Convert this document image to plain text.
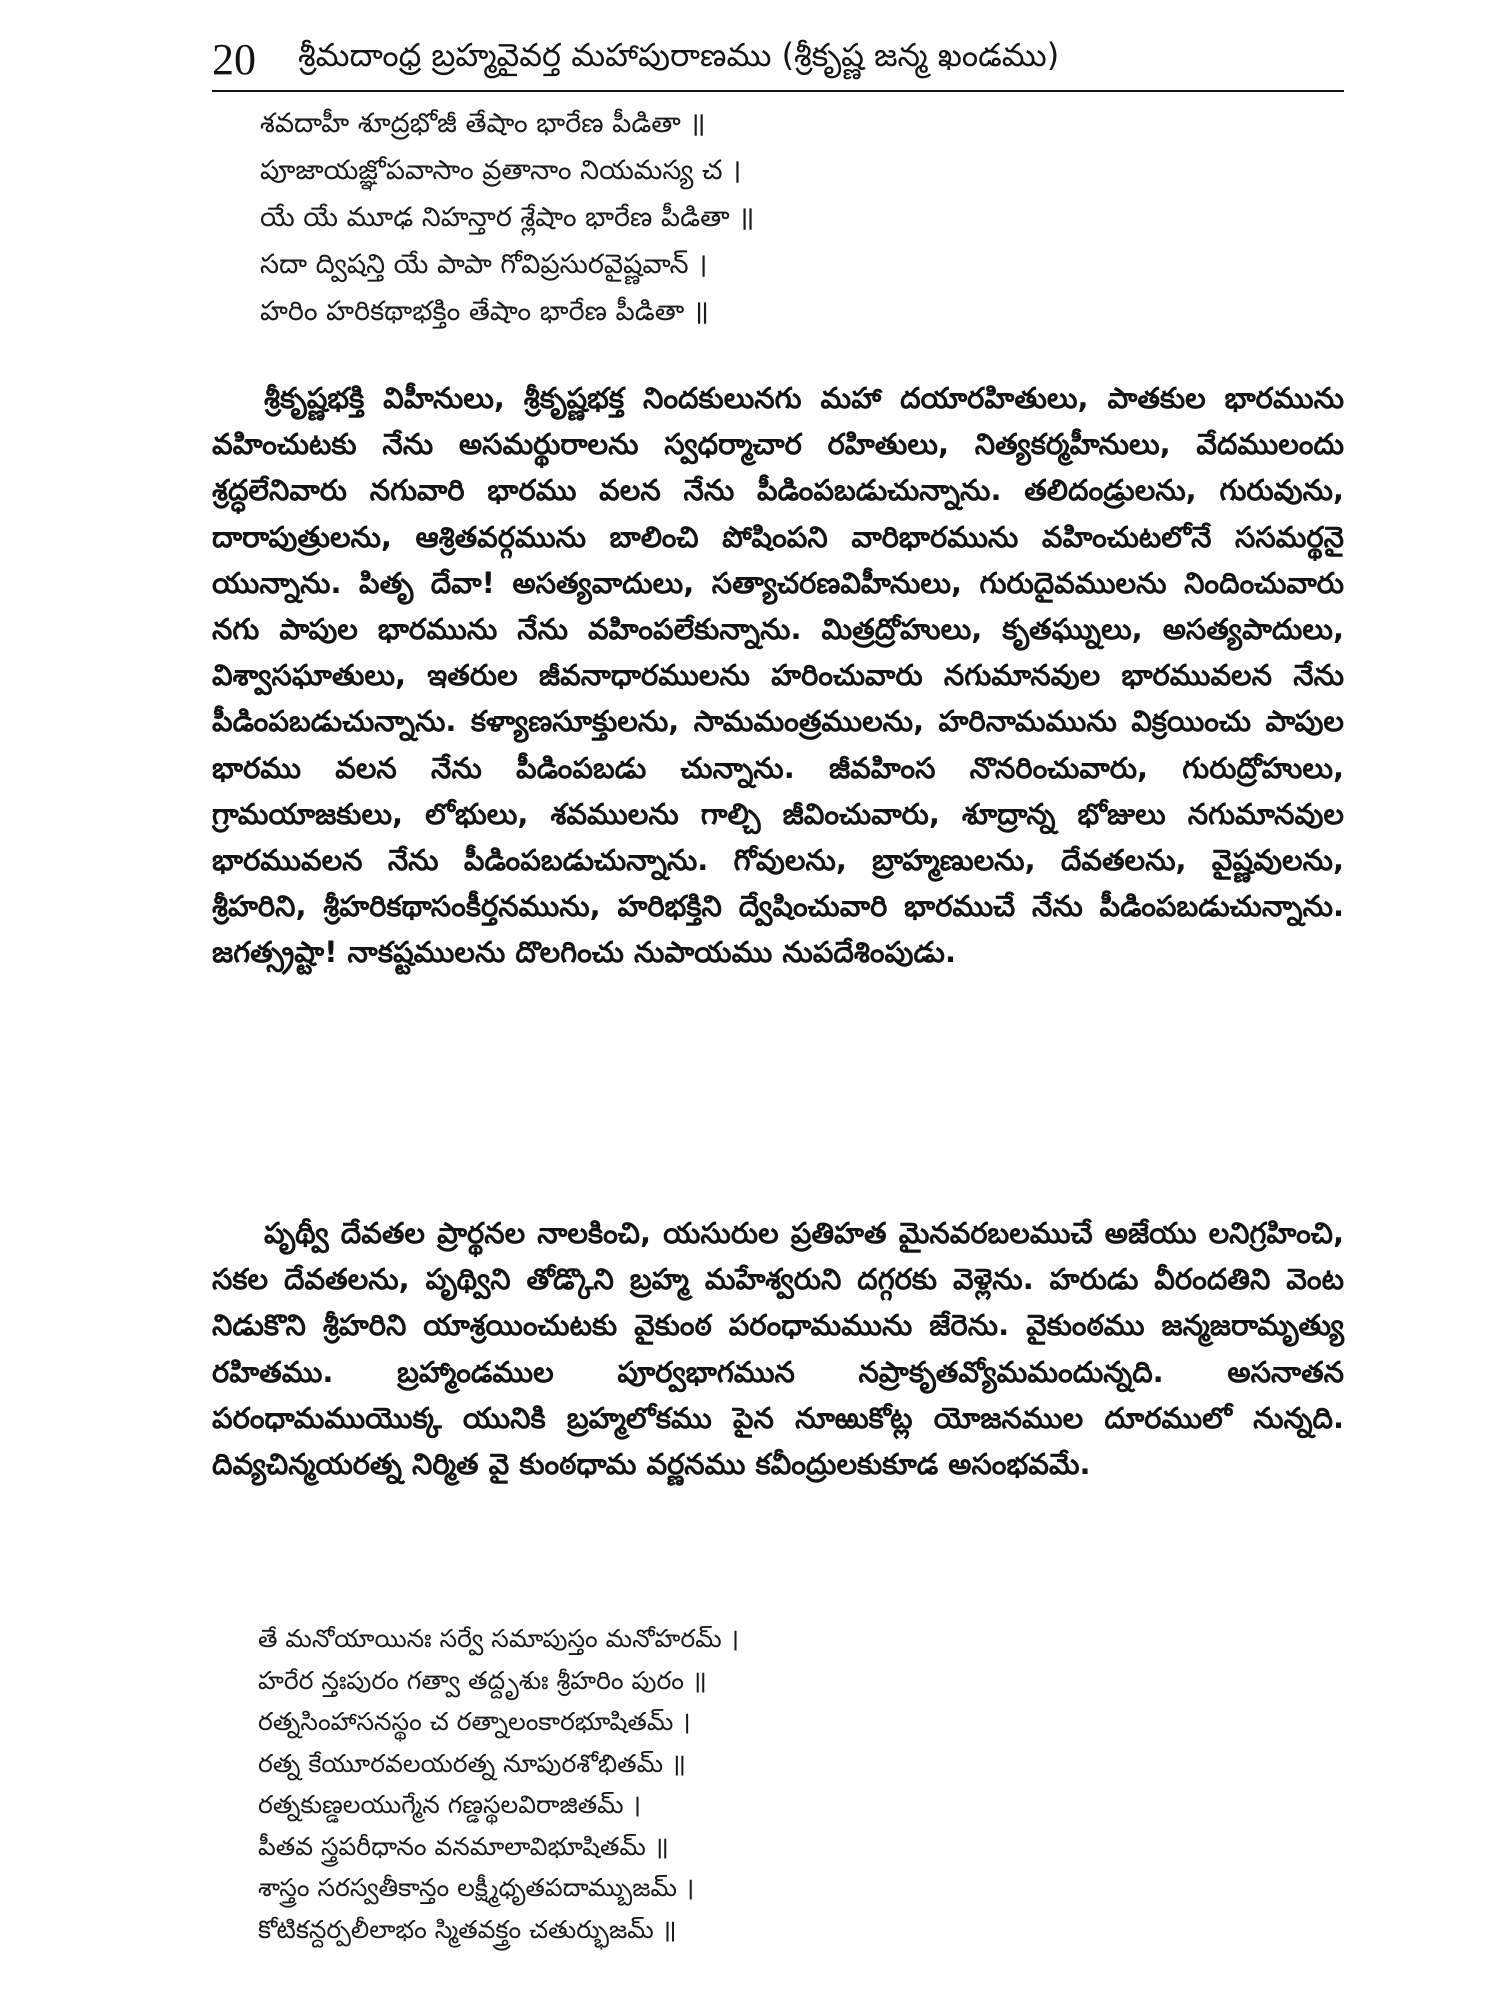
20 శ్రీమదాంధ్ర బ్రహ్మవైవర్త మహాపురాణము (శ్రీకృష్ణ జన్మ ఖండము)
శవదాహీ శూద్రభోజీ తేషాం భారేణ పీడితా ॥
పూజాయజ్ఞోపవాసాం వ్రతానాం నియమస్య చ ।
యే యే మూఢ నిహన్తార శ్లేషాం భారేణ పీడితా ॥
సదా ద్విషన్తి యే పాపా గోవిప్రసురవైష్ణవాన్ ।
హరిం హరికథాభక్తిం తేషాం భారేణ పీడితా ॥

శ్రీకృష్ణభక్తి విహీనులు, శ్రీకృష్ణభక్త నిందకులునగు మహా దయారహితులు, పాతకుల భారమును వహించుటకు నేను అసమర్థురాలను స్వధర్మాచార రహితులు, నిత్యకర్మహీనులు, వేదములందు శ్రద్ధలేనివారు నగువారి భారము వలన నేను పీడింపబడుచున్నాను. తలిదండ్రులను, గురువును, దారాపుత్రులను, ఆశ్రితవర్గమును బాలించి పోషింపని వారిభారమును వహించుటలోనే ససమర్థనై యున్నాను. పితృ దేవా! అసత్యవాదులు, సత్యాచరణవిహీనులు, గురుదైవములను నిందించువారు నగు పాపుల భారమును నేను వహింపలేకున్నాను. మిత్రద్రోహులు, కృతఘ్నులు, అసత్యపాదులు, విశ్వాసఘాతులు, ఇతరుల జీవనాధారములను హరించువారు నగుమానవుల భారమువలన నేను పీడింపబడుచున్నాను. కళ్యాణసూక్తులను, సామమంత్రములను, హరినామమును విక్రయించు పాపుల భారము వలన నేను పీడింపబడు చున్నాను. జీవహింస నొనరించువారు, గురుద్రోహులు, గ్రామయాజకులు, లోభులు, శవములను గాల్చి జీవించువారు, శూద్రాన్న భోజులు నగుమానవుల భారమువలన నేను పీడింపబడుచున్నాను. గోవులను, బ్రాహ్మణులను, దేవతలను, వైష్ణవులను, శ్రీహరిని, శ్రీహరికథాసంకీర్తనమును, హరిభక్తిని ద్వేషించువారి భారముచే నేను పీడింపబడుచున్నాను. జగత్స్రష్టా! నాకష్టములను దొలగించు నుపాయము నుపదేశింపుడు.

పృథ్వీ దేవతల ప్రార్థనల నాలకించి, యసురుల ప్రతిహత మైనవరబలముచే అజేయు లనిగ్రహించి, సకల దేవతలను, పృథ్విని తోడ్కొని బ్రహ్మ మహేశ్వరుని దగ్గరకు వెళ్లెను. హరుడు వీరందతిని వెంట నిడుకొని శ్రీహరిని యాశ్రయించుటకు వైకుంఠ పరంధామమును జేరెను. వైకుంఠము జన్మజరామృత్యు రహితము. బ్రహ్మాండముల పూర్వభాగమున నప్రాకృతవ్యోమమందున్నది. అసనాతన పరంధామముయొక్క యునికి బ్రహ్మలోకము పైన నూఱుకోట్ల యోజనముల దూరములో నున్నది. దివ్యచిన్మయరత్న నిర్మిత వై కుంఠధామ వర్ణనము కవీంద్రులకుకూడ అసంభవమే.

తే మనోయాయినః సర్వే సమాపుస్తం మనోహరమ్ ।
హరేర న్తఃపురం గత్వా తద్దృశుః శ్రీహరిం పురం ॥
రత్నసింహాసనస్థం చ రత్నాలంకారభూషితమ్ ।
రత్న కేయూరవలయరత్న నూపురశోభితమ్ ॥
రత్నకుణ్డలయుగ్మేన గణ్డస్థలవిరాజితమ్ ।
పీతవ స్త్రపరీధానం వనమాలావిభూషితమ్ ॥
శాస్త్రం సరస్వతీకాన్తం లక్ష్మీధృతపదామ్బుజమ్ ।
కోటికన్దర్పలీలాభం స్మితవక్త్రం చతుర్భుజమ్ ॥
